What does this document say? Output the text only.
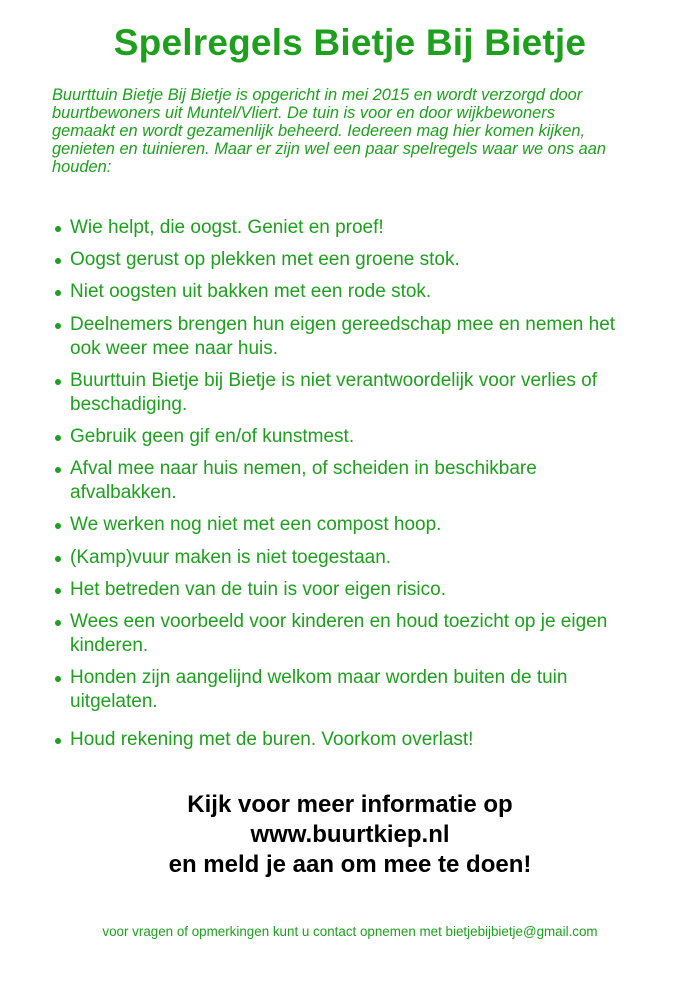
Spelregels Bietje Bij Bietje
Buurttuin Bietje Bij Bietje is opgericht in mei 2015 en wordt verzorgd door
buurtbewoners uit Muntel/Vliert. De tuin is voor en door wijkbewoners
gemaakt en wordt gezamenlijk beheerd. Iedereen mag hier komen kijken,
genieten en tuinieren. Maar er zijn wel een paar spelregels waar we ons aan
houden:
Wie helpt, die oogst. Geniet en proef!
Oogst gerust op plekken met een groene stok.
Niet oogsten uit bakken met een rode stok.
Deelnemers brengen hun eigen gereedschap mee en nemen het
ook weer mee naar huis.
Buurttuin Bietje bij Bietje is niet verantwoordelijk voor verlies of
beschadiging.
Gebruik geen gif en/of kunstmest.
Afval mee naar huis nemen, of scheiden in beschikbare
afvalbakken.
We werken nog niet met een compost hoop.
(Kamp)vuur maken is niet toegestaan.
Het betreden van de tuin is voor eigen risico.
Wees een voorbeeld voor kinderen en houd toezicht op je eigen
kinderen.
Honden zijn aangelijnd welkom maar worden buiten de tuin
uitgelaten.
Houd rekening met de buren. Voorkom overlast!
Kijk voor meer informatie op
www.buurtkiep.nl
en meld je aan om mee te doen!
voor vragen of opmerkingen kunt u contact opnemen met bietjebijbietje@gmail.com
